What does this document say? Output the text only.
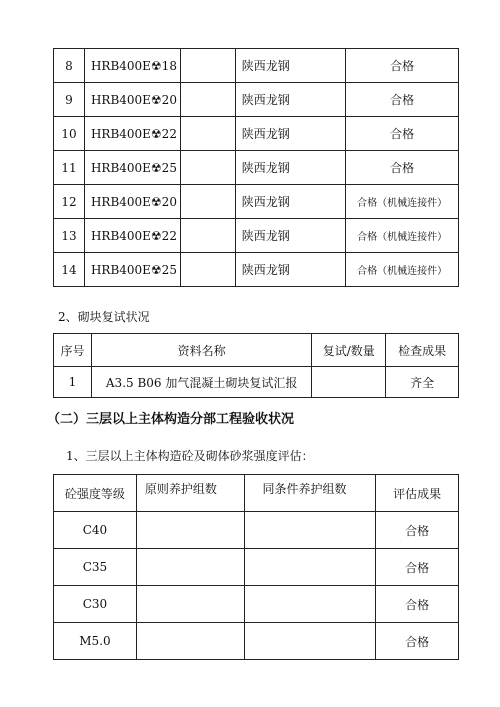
8	HRB400E☢18		陕西龙钢	合格
9	HRB400E☢20		陕西龙钢	合格
10	HRB400E☢22		陕西龙钢	合格
11	HRB400E☢25		陕西龙钢	合格
12	HRB400E☢20		陕西龙钢	合格（机械连接件）
13	HRB400E☢22		陕西龙钢	合格（机械连接件）
14	HRB400E☢25		陕西龙钢	合格（机械连接件）
2、砌块复试状况
序号	资料名称	复试/数量	检查成果
1	A3.5 B06 加气混凝土砌块复试汇报		齐全
（二）三层以上主体构造分部工程验收状况
1、三层以上主体构造砼及砌体砂浆强度评估：
砼强度等级	原则养护组数	同条件养护组数	评估成果
C40			合格
C35			合格
C30			合格
M5.0			合格
